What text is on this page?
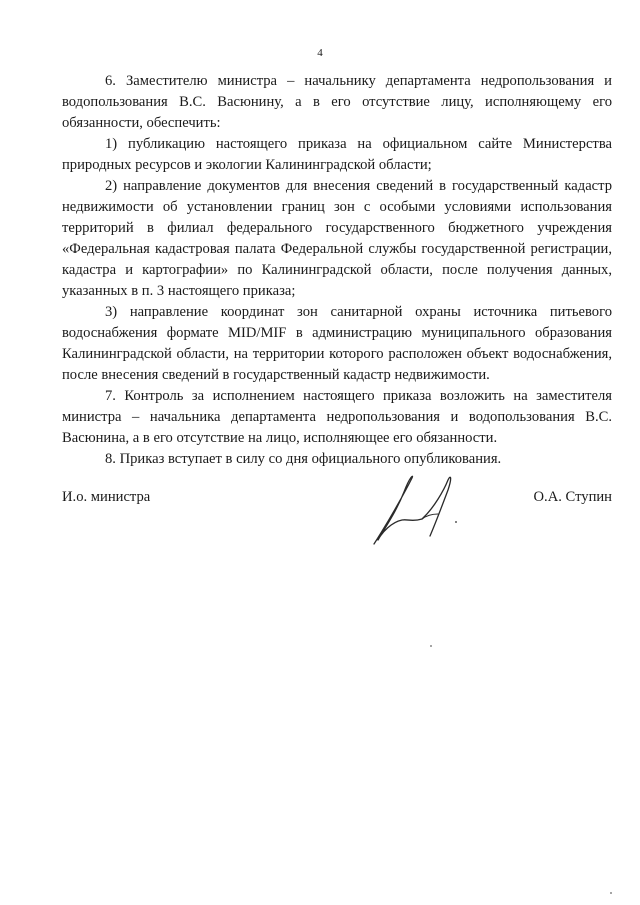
4

6. Заместителю министра – начальнику департамента недропользования и водопользования В.С. Васюнину, а в его отсутствие лицу, исполняющему его обязанности, обеспечить:

1) публикацию настоящего приказа на официальном сайте Министерства природных ресурсов и экологии Калининградской области;

2) направление документов для внесения сведений в государственный кадастр недвижимости об установлении границ зон с особыми условиями использования территорий в филиал федерального государственного бюджетного учреждения «Федеральная кадастровая палата Федеральной службы государственной регистрации, кадастра и картографии» по Калининградской области, после получения данных, указанных в п. 3 настоящего приказа;

3) направление координат зон санитарной охраны источника питьевого водоснабжения формате MID/MIF в администрацию муниципального образования Калининградской области, на территории которого расположен объект водоснабжения, после внесения сведений в государственный кадастр недвижимости.

7. Контроль за исполнением настоящего приказа возложить на заместителя министра – начальника департамента недропользования и водопользования В.С. Васюнина, а в его отсутствие на лицо, исполняющее его обязанности.

8. Приказ вступает в силу со дня официального опубликования.

И.о. министра	О.А. Ступин
